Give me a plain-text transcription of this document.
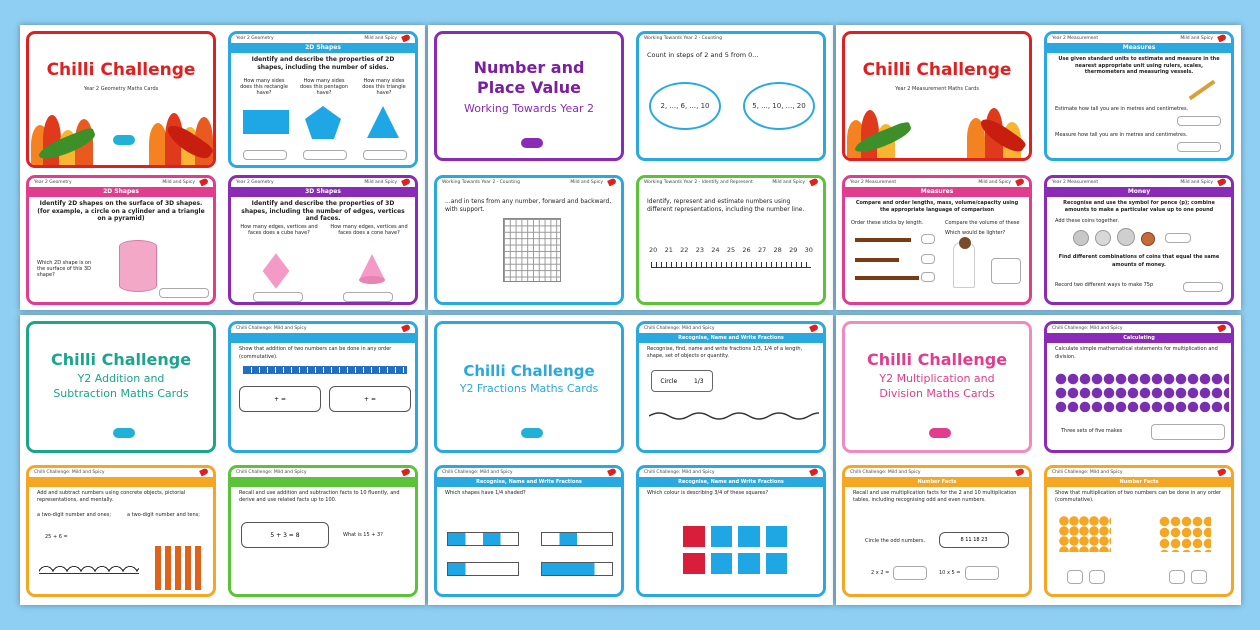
Chilli Challenge
Year 2 Geometry Maths Cards
Year 2 Geometry	Mild and Spicy
2D Shapes
Identify and describe the properties of 2D shapes, including the number of sides.
How many sides does this rectangle have?
How many sides does this pentagon have?
How many sides does this triangle have?
Year 2 Geometry	Mild and Spicy
2D Shapes
Identify 2D shapes on the surface of 3D shapes. (for example, a circle on a cylinder and a triangle on a pyramid)
Which 2D shape is on the surface of this 3D shape?
Year 2 Geometry	Mild and Spicy
3D Shapes
Identify and describe the properties of 3D shapes, including the number of edges, vertices and faces.
How many edges, vertices and faces does a cube have?
How many edges, vertices and faces does a cone have?
Number and
Place Value
Working Towards Year 2
Working Towards Year 2 - Counting
Count in steps of 2 and 5 from 0...
2, ..., 6, ..., 10	5, ..., 10, ..., 20
Working Towards Year 2 - Counting	Mild and Spicy
...and in tens from any number, forward and backward, with support.
Working Towards Year 2 - Identify and Represent	Mild and Spicy
Identify, represent and estimate numbers using different representations, including the number line.
20 21 22 23 24 25 26 27 28 29 30
Chilli Challenge
Year 2 Measurement Maths Cards
Year 2 Measurement	Mild and Spicy
Measures
Use given standard units to estimate and measure in the nearest appropriate unit using rulers, scales, thermometers and measuring vessels.
Estimate how tall you are in metres and centimetres.
Measure how tall you are in metres and centimetres.
Year 2 Measurement	Mild and Spicy
Measures
Compare and order lengths, mass, volume/capacity using the appropriate language of comparison
Order these sticks by length.	Compare the volume of these
Which would be lighter?
Year 2 Measurement	Mild and Spicy
Money
Recognise and use the symbol for pence (p); combine amounts to make a particular value up to one pound
Add these coins together.
Find different combinations of coins that equal the same amounts of money.
Record two different ways to make 75p
Chilli Challenge
Y2 Addition and
Subtraction Maths Cards
Chilli Challenge: Mild and Spicy
Show that addition of two numbers can be done in any order (commutative).
+ =	+ =
Chilli Challenge: Mild and Spicy
Add and subtract numbers using concrete objects, pictorial representations, and mentally.
a two-digit number and ones;	a two-digit number and tens;
25 + 6 =
Chilli Challenge: Mild and Spicy
Recall and use addition and subtraction facts to 10 fluently, and derive and use related facts up to 100.
5 + 3 = 8	What is 15 + 3?
Chilli Challenge
Y2 Fractions Maths Cards
Chilli Challenge: Mild and Spicy
Recognise, Name and Write Fractions
Recognise, find, name and write fractions 1/3, 1/4 of a length, shape, set of objects or quantity.
Circle	1/3
Chilli Challenge: Mild and Spicy
Recognise, Name and Write Fractions
Which shapes have 1/4 shaded?
Chilli Challenge: Mild and Spicy
Recognise, Name and Write Fractions
Which colour is describing 3/4 of these squares?
Chilli Challenge
Y2 Multiplication and
Division Maths Cards
Chilli Challenge: Mild and Spicy
Calculating
Calculate simple mathematical statements for multiplication and division.
Three sets of five makes
Chilli Challenge: Mild and Spicy
Number Facts
Recall and use multiplication facts for the 2 and 10 multiplication tables, including recognising odd and even numbers.
Circle the odd numbers.	8 11 18 23
2 x 2 =	10 x 5 =
Chilli Challenge: Mild and Spicy
Number Facts
Show that multiplication of two numbers can be done in any order (commutative).
